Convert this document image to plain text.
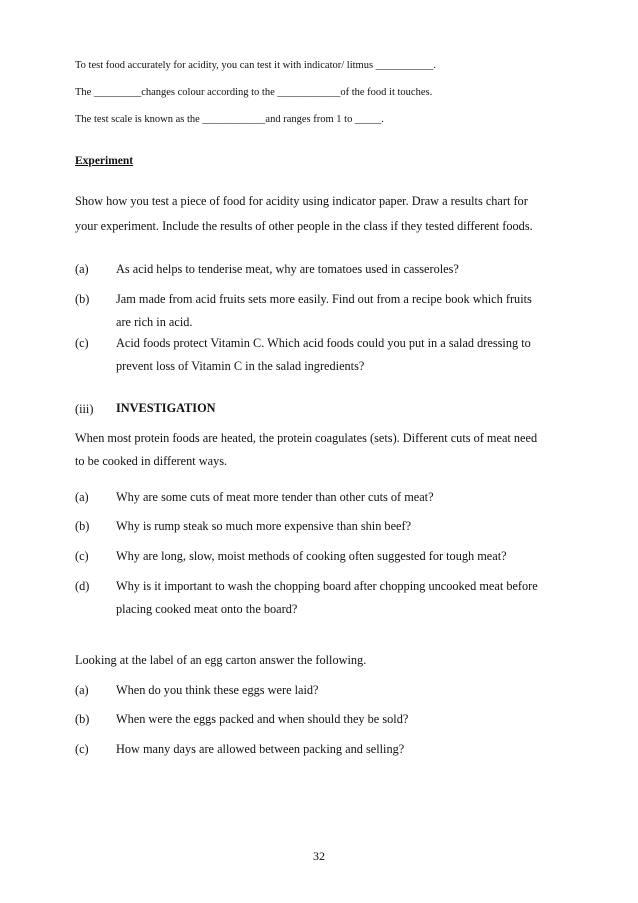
To test food accurately for acidity, you can test it with indicator/ litmus ___________.
The _________changes colour according to the ____________of the food it touches.
The test scale is known as the ____________and ranges from 1 to _____.
Experiment
Show how you test a piece of food for acidity using indicator paper. Draw a results chart for
your experiment. Include the results of other people in the class if they tested different foods.
(a) As acid helps to tenderise meat, why are tomatoes used in casseroles?
(b) Jam made from acid fruits sets more easily. Find out from a recipe book which fruits
are rich in acid.
(c) Acid foods protect Vitamin C. Which acid foods could you put in a salad dressing to
prevent loss of Vitamin C in the salad ingredients?
(iii) INVESTIGATION
When most protein foods are heated, the protein coagulates (sets). Different cuts of meat need
to be cooked in different ways.
(a) Why are some cuts of meat more tender than other cuts of meat?
(b) Why is rump steak so much more expensive than shin beef?
(c) Why are long, slow, moist methods of cooking often suggested for tough meat?
(d) Why is it important to wash the chopping board after chopping uncooked meat before
placing cooked meat onto the board?
Looking at the label of an egg carton answer the following.
(a) When do you think these eggs were laid?
(b) When were the eggs packed and when should they be sold?
(c) How many days are allowed between packing and selling?
32
